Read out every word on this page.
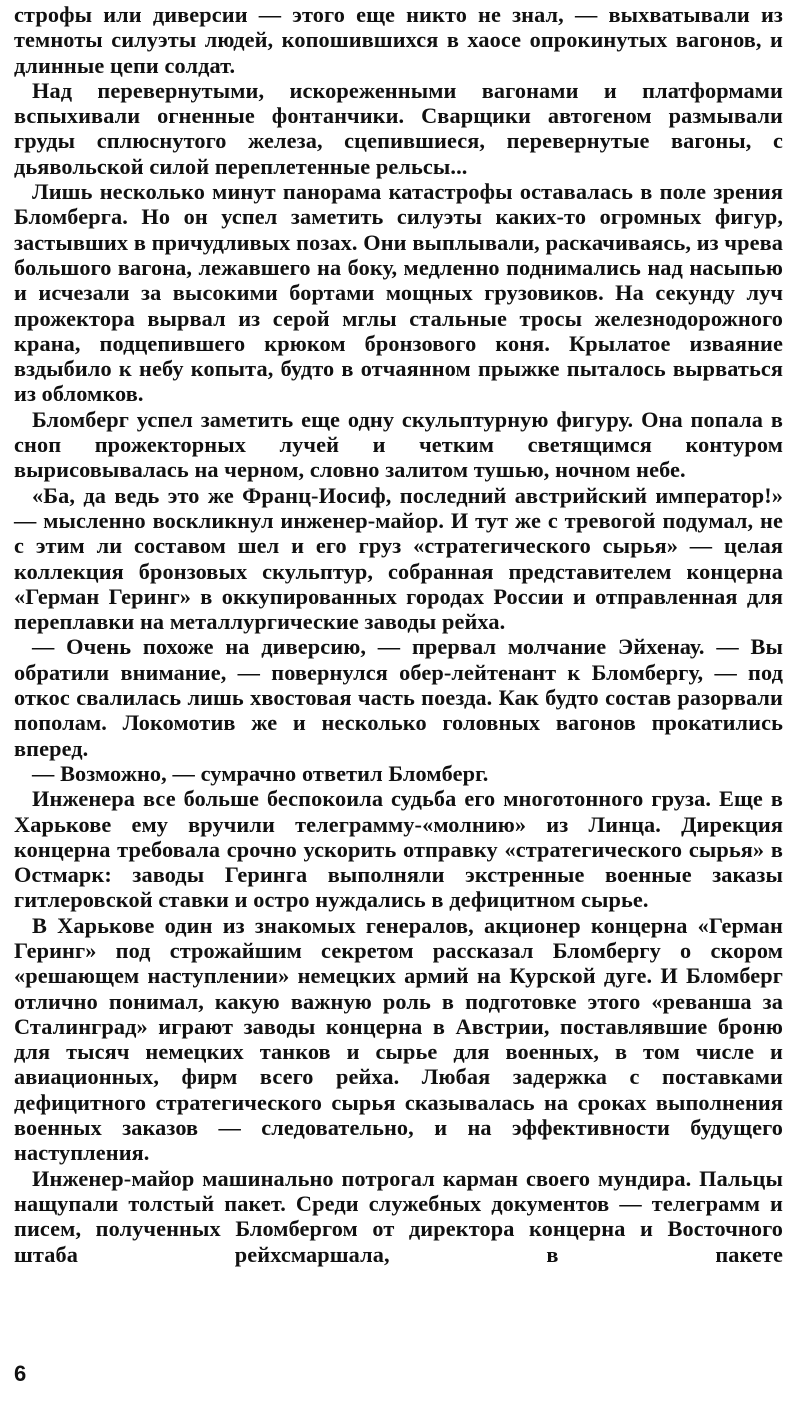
строфы или диверсии — этого еще никто не знал, — выхватывали из темноты силуэты людей, копошившихся в хаосе опрокинутых вагонов, и длинные цепи солдат.

Над перевернутыми, искореженными вагонами и платформами вспыхивали огненные фонтанчики. Сварщики автогеном размывали груды сплюснутого железа, сцепившиеся, перевернутые вагоны, с дьявольской силой переплетенные рельсы...

Лишь несколько минут панорама катастрофы оставалась в поле зрения Бломберга. Но он успел заметить силуэты каких-то огромных фигур, застывших в причудливых позах. Они выплывали, раскачиваясь, из чрева большого вагона, лежавшего на боку, медленно поднимались над насыпью и исчезали за высокими бортами мощных грузовиков. На секунду луч прожектора вырвал из серой мглы стальные тросы железнодорожного крана, подцепившего крюком бронзового коня. Крылатое изваяние вздыбило к небу копыта, будто в отчаянном прыжке пыталось вырваться из обломков.

Бломберг успел заметить еще одну скульптурную фигуру. Она попала в сноп прожекторных лучей и четким светящимся контуром вырисовывалась на черном, словно залитом тушью, ночном небе.

«Ба, да ведь это же Франц-Иосиф, последний австрийский император!» — мысленно воскликнул инженер-майор. И тут же с тревогой подумал, не с этим ли составом шел и его груз «стратегического сырья» — целая коллекция бронзовых скульптур, собранная представителем концерна «Герман Геринг» в оккупированных городах России и отправленная для переплавки на металлургические заводы рейха.

— Очень похоже на диверсию, — прервал молчание Эйхенау. — Вы обратили внимание, — повернулся обер-лейтенант к Бломбергу, — под откос свалилась лишь хвостовая часть поезда. Как будто состав разорвали пополам. Локомотив же и несколько головных вагонов прокатились вперед.

— Возможно, — сумрачно ответил Бломберг.

Инженера все больше беспокоила судьба его многотонного груза. Еще в Харькове ему вручили телеграмму-«молнию» из Линца. Дирекция концерна требовала срочно ускорить отправку «стратегического сырья» в Остмарк: заводы Геринга выполняли экстренные военные заказы гитлеровской ставки и остро нуждались в дефицитном сырье.

В Харькове один из знакомых генералов, акционер концерна «Герман Геринг» под строжайшим секретом рассказал Бломбергу о скором «решающем наступлении» немецких армий на Курской дуге. И Бломберг отлично понимал, какую важную роль в подготовке этого «реванша за Сталинград» играют заводы концерна в Австрии, поставлявшие броню для тысяч немецких танков и сырье для военных, в том числе и авиационных, фирм всего рейха. Любая задержка с поставками дефицитного стратегического сырья сказывалась на сроках выполнения военных заказов — следовательно, и на эффективности будущего наступления.

Инженер-майор машинально потрогал карман своего мундира. Пальцы нащупали толстый пакет. Среди служебных документов — телеграмм и писем, полученных Бломбергом от директора концерна и Восточного штаба рейхсмаршала, в пакете

6
